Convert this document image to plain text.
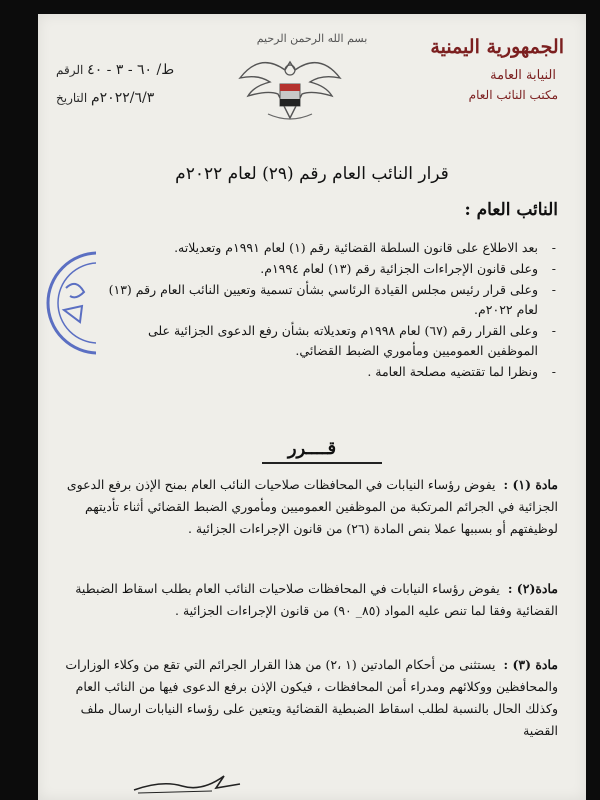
الجمهورية اليمنية
النيابة العامة
مكتب النائب العام
بسم الله الرحمن الرحيم
ط/ ٦٠ - ٣ - ٤٠ الرقم
٢٠٢٢/٦/٣م التاريخ
قرار النائب العام رقم (٢٩) لعام ٢٠٢٢م
النائب العام :
- بعد الاطلاع على قانون السلطة القضائية رقم (١) لعام ١٩٩١م وتعديلاته.
- وعلى قانون الإجراءات الجزائية رقم (١٣) لعام ١٩٩٤م.
- وعلى قرار رئيس مجلس القيادة الرئاسي بشأن تسمية وتعيين النائب العام رقم (١٣) لعام ٢٠٢٢م.
- وعلى القرار رقم (٦٧) لعام ١٩٩٨م وتعديلاته بشأن رفع الدعوى الجزائية على الموظفين العموميين ومأموري الضبط القضائي.
- ونظرا لما تقتضيه مصلحة العامة .
قــــرر
مادة (١) : يفوض رؤساء النيابات في المحافظات صلاحيات النائب العام بمنح الإذن برفع الدعوى الجزائية في الجرائم المرتكبة من الموظفين العموميين ومأموري الضبط القضائي أثناء تأديتهم لوظيفتهم أو بسببها عملا بنص المادة (٢٦) من قانون الإجراءات الجزائية .
مادة(٢) : يفوض رؤساء النيابات في المحافظات صلاحيات النائب العام بطلب اسقاط الضبطية القضائية وفقا لما تنص عليه المواد (٨٥_ ٩٠) من قانون الإجراءات الجزائية .
مادة (٣) : يستثنى من أحكام المادتين (١ ،٢) من هذا القرار الجرائم التي تقع من وكلاء الوزارات والمحافظين ووكلائهم ومدراء أمن المحافظات ، فيكون الإذن برفع الدعوى فيها من النائب العام وكذلك الحال بالنسبة لطلب اسقاط الضبطية القضائية ويتعين على رؤساء النيابات ارسال ملف القضية
